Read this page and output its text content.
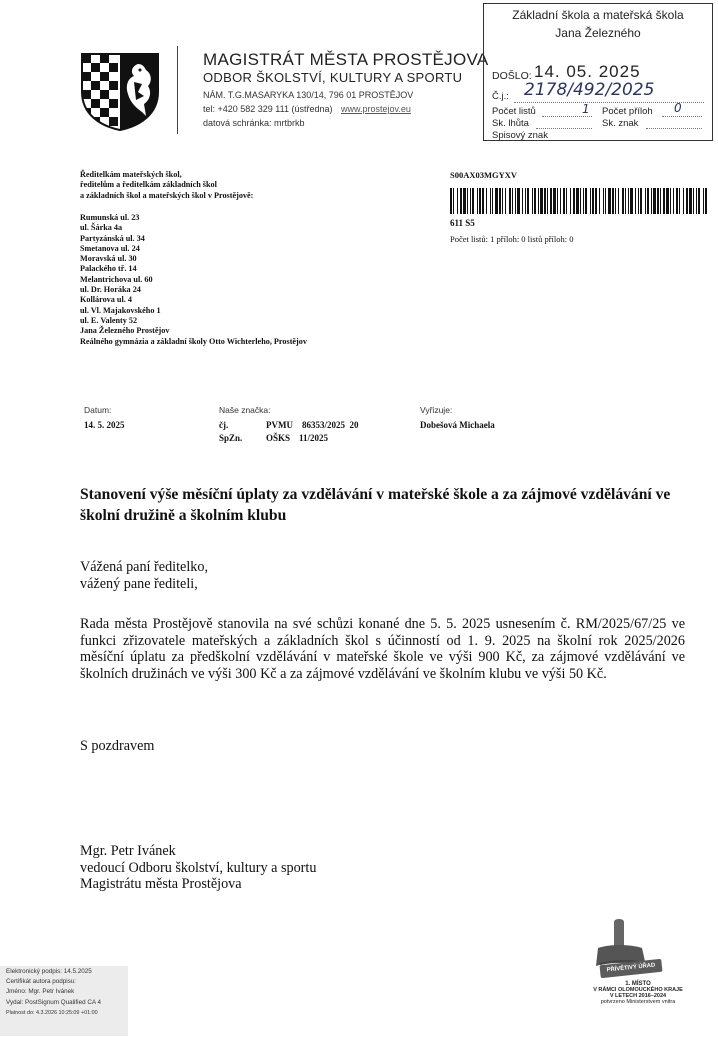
MAGISTRÁT MĚSTA PROSTĚJOVA
ODBOR ŠKOLSTVÍ, KULTURY A SPORTU
NÁM. T.G.MASARYKA 130/14, 796 01 PROSTĚJOV
tel: +420 582 329 111 (ústředna) www.prostejov.eu
datová schránka: mrtbrkb
Základní škola a mateřská škola
Jana Železného
DOŠLO: 14. 05. 2025
Č.j.: 2178/492/2025
Počet listů	1 Počet příloh 0
Sk. lhůta	Sk. znak
Spisový znak
Ředitelkám mateřských škol,
ředitelům a ředitelkám základních škol
a základních škol a mateřských škol v Prostějově:
Rumunská ul. 23
ul. Šárka 4a
Partyzánská ul. 34
Smetanova ul. 24
Moravská ul. 30
Palackého tř. 14
Melantrichova ul. 60
ul. Dr. Horáka 24
Kollárova ul. 4
ul. Vl. Majakovského 1
ul. E. Valenty 52
Jana Železného Prostějov
Reálného gymnázia a základní školy Otto Wichterleho, Prostějov
S00AX03MGYXV
611 S5
Počet listů: 1 příloh: 0 listů příloh: 0
Datum:
14. 5. 2025
Naše značka:
čj.	PVMU    86353/2025  20
SpZn.	OŠKS    11/2025
Vyřizuje:
Dobešová Michaela
Stanovení výše měsíční úplaty za vzdělávání v mateřské škole a za zájmové vzdělávání ve školní družině a školním klubu
Vážená paní ředitelko,
vážený pane řediteli,
Rada města Prostějově stanovila na své schůzi konané dne 5. 5. 2025 usnesením č. RM/2025/67/25 ve funkci zřizovatele mateřských a základních škol s účinností od 1. 9. 2025 na školní rok 2025/2026 měsíční úplatu za předškolní vzdělávání v mateřské škole ve výši 900 Kč, za zájmové vzdělávání ve školních družinách ve výši 300 Kč a za zájmové vzdělávání ve školním klubu ve výši 50 Kč.
S pozdravem
Mgr. Petr Ivánek
vedoucí Odboru školství, kultury a sportu
Magistrátu města Prostějova
Elektronický podpis: 14.5.2025
Certifikát autora podpisu:
Jméno: Mgr. Petr Ivánek
Vydal: PostSignum Qualified CA 4
Platnost do: 4.3.2026 10:25:09 +01:00
PŘÍVĚTIVÝ ÚŘAD
1. MÍSTO
V RÁMCI OLOMOUCKÉHO KRAJE
V LETECH 2016–2024
potvrzeno Ministerstvem vnitra
